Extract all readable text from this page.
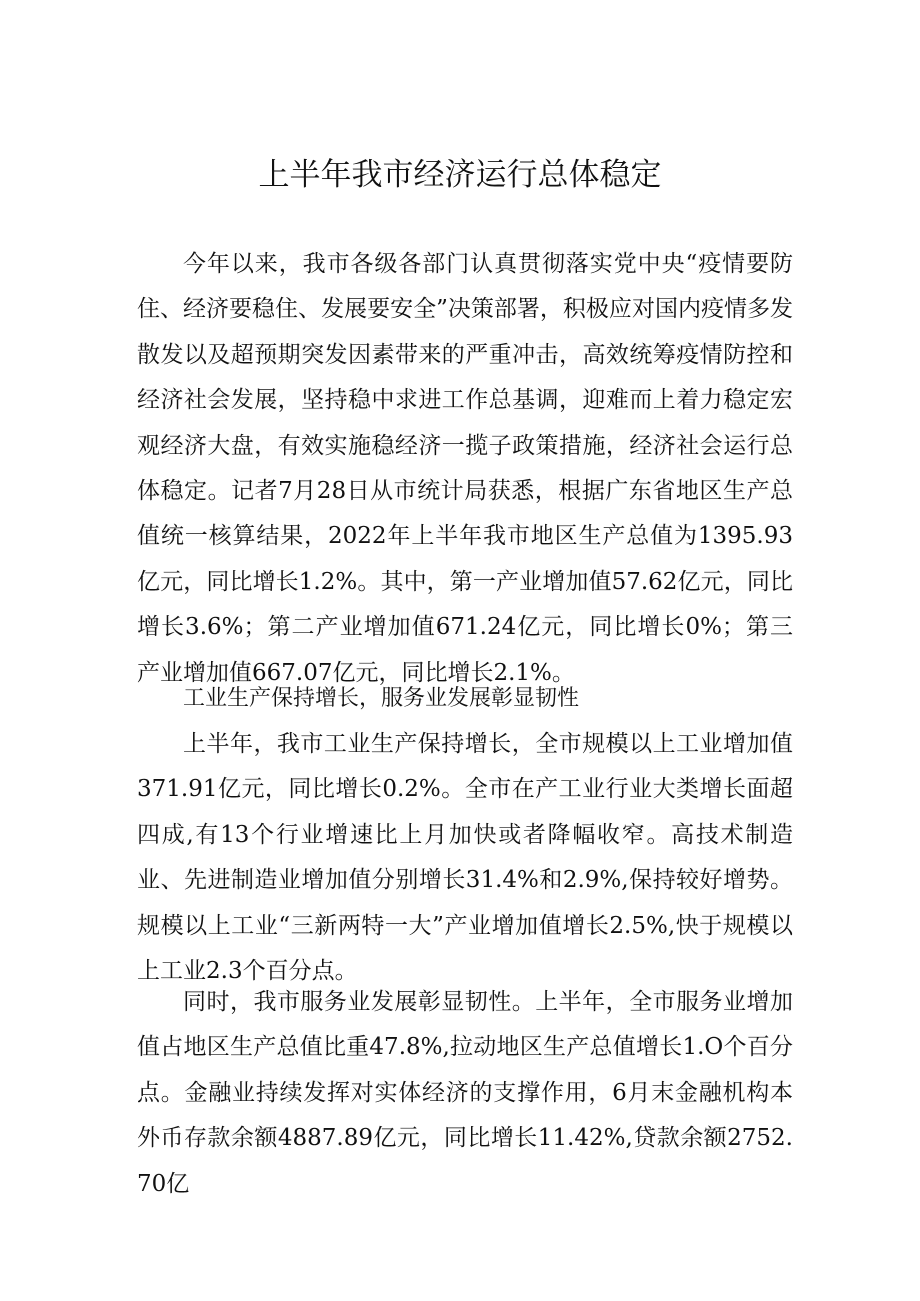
上半年我市经济运行总体稳定

今年以来，我市各级各部门认真贯彻落实党中央“疫情要防住、经济要稳住、发展要安全”决策部署，积极应对国内疫情多发散发以及超预期突发因素带来的严重冲击，高效统筹疫情防控和经济社会发展，坚持稳中求进工作总基调，迎难而上着力稳定宏观经济大盘，有效实施稳经济一揽子政策措施，经济社会运行总体稳定。记者7月28日从市统计局获悉，根据广东省地区生产总值统一核算结果，2022年上半年我市地区生产总值为1395.93亿元，同比增长1.2%。其中，第一产业增加值57.62亿元，同比增长3.6%；第二产业增加值671.24亿元，同比增长0%；第三产业增加值667.07亿元，同比增长2.1%。

工业生产保持增长，服务业发展彰显韧性

上半年，我市工业生产保持增长，全市规模以上工业增加值371.91亿元，同比增长0.2%。全市在产工业行业大类增长面超四成,有13个行业增速比上月加快或者降幅收窄。高技术制造业、先进制造业增加值分别增长31.4%和2.9%,保持较好增势。规模以上工业“三新两特一大”产业增加值增长2.5%,快于规模以上工业2.3个百分点。

同时，我市服务业发展彰显韧性。上半年，全市服务业增加值占地区生产总值比重47.8%,拉动地区生产总值增长1.O个百分点。金融业持续发挥对实体经济的支撑作用，6月末金融机构本外币存款余额4887.89亿元，同比增长11.42%,贷款余额2752.70亿
